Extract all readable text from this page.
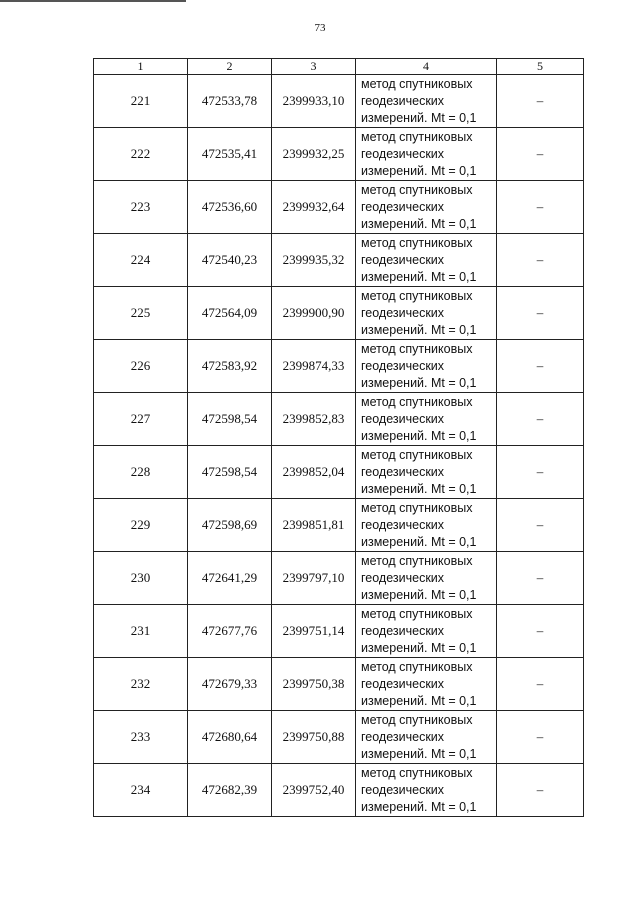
73
1	2	3	4	5
221	472533,78	2399933,10	метод спутниковых
геодезических
измерений. Mt = 0,1	–
222	472535,41	2399932,25	метод спутниковых
геодезических
измерений. Mt = 0,1	–
223	472536,60	2399932,64	метод спутниковых
геодезических
измерений. Mt = 0,1	–
224	472540,23	2399935,32	метод спутниковых
геодезических
измерений. Mt = 0,1	–
225	472564,09	2399900,90	метод спутниковых
геодезических
измерений. Mt = 0,1	–
226	472583,92	2399874,33	метод спутниковых
геодезических
измерений. Mt = 0,1	–
227	472598,54	2399852,83	метод спутниковых
геодезических
измерений. Mt = 0,1	–
228	472598,54	2399852,04	метод спутниковых
геодезических
измерений. Mt = 0,1	–
229	472598,69	2399851,81	метод спутниковых
геодезических
измерений. Mt = 0,1	–
230	472641,29	2399797,10	метод спутниковых
геодезических
измерений. Mt = 0,1	–
231	472677,76	2399751,14	метод спутниковых
геодезических
измерений. Mt = 0,1	–
232	472679,33	2399750,38	метод спутниковых
геодезических
измерений. Mt = 0,1	–
233	472680,64	2399750,88	метод спутниковых
геодезических
измерений. Mt = 0,1	–
234	472682,39	2399752,40	метод спутниковых
геодезических
измерений. Mt = 0,1	–
